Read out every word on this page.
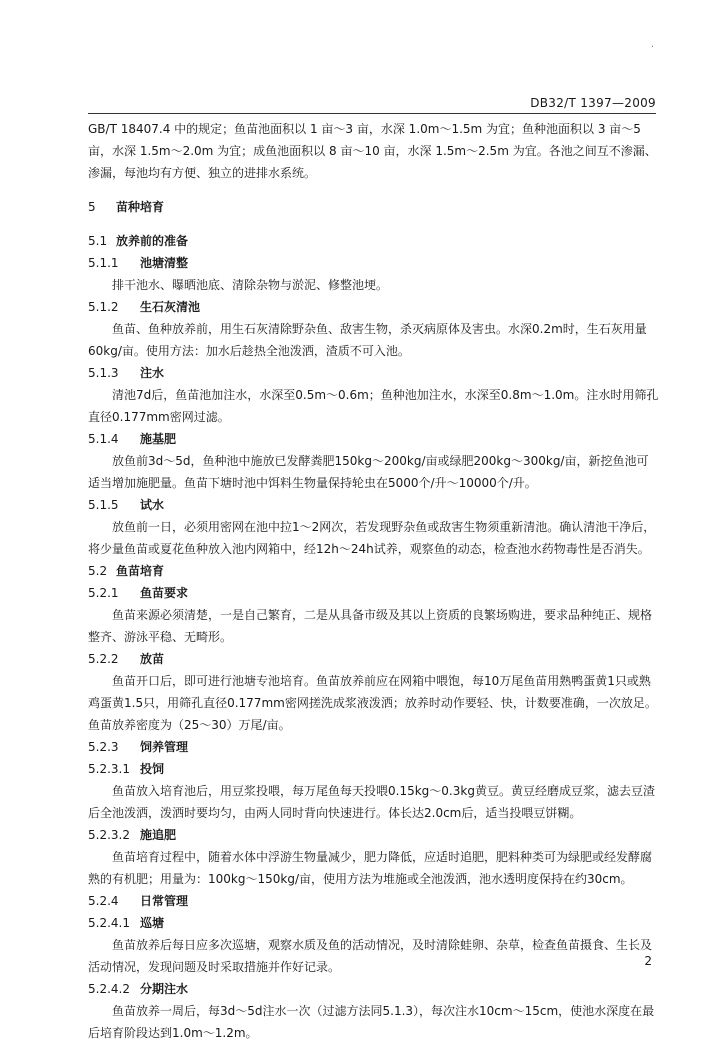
·
DB32/T 1397—2009

GB/T 18407.4 中的规定；鱼苗池面积以 1 亩～3 亩，水深 1.0m～1.5m 为宜；鱼种池面积以 3 亩～5 亩，水深 1.5m～2.0m 为宜；成鱼池面积以 8 亩～10 亩，水深 1.5m～2.5m 为宜。各池之间互不渗漏、渗漏，每池均有方便、独立的进排水系统。

5 苗种培育
5.1 放养前的准备
5.1.1 池塘清整

排干池水、曝晒池底、清除杂物与淤泥、修整池埂。

5.1.2 生石灰清池

鱼苗、鱼种放养前，用生石灰清除野杂鱼、敌害生物，杀灭病原体及害虫。水深0.2m时，生石灰用量60kg/亩。使用方法：加水后趁热全池泼洒，渣质不可入池。

5.1.3 注水

清池7d后，鱼苗池加注水，水深至0.5m～0.6m；鱼种池加注水，水深至0.8m～1.0m。注水时用筛孔直径0.177mm密网过滤。

5.1.4 施基肥

放鱼前3d～5d，鱼种池中施放已发酵粪肥150kg～200kg/亩或绿肥200kg～300kg/亩，新挖鱼池可适当增加施肥量。鱼苗下塘时池中饵料生物量保持轮虫在5000个/升～10000个/升。

5.1.5 试水

放鱼前一日，必须用密网在池中拉1～2网次，若发现野杂鱼或敌害生物须重新清池。确认清池干净后，将少量鱼苗或夏花鱼种放入池内网箱中，经12h～24h试养，观察鱼的动态，检查池水药物毒性是否消失。

5.2 鱼苗培育
5.2.1 鱼苗要求

鱼苗来源必须清楚，一是自己繁育，二是从具备市级及其以上资质的良繁场购进，要求品种纯正、规格整齐、游泳平稳、无畸形。

5.2.2 放苗

鱼苗开口后，即可进行池塘专池培育。鱼苗放养前应在网箱中喂饱，每10万尾鱼苗用熟鸭蛋黄1只或熟鸡蛋黄1.5只，用筛孔直径0.177mm密网搓洗成浆液泼洒；放养时动作要轻、快，计数要准确，一次放足。鱼苗放养密度为（25～30）万尾/亩。

5.2.3 饲养管理
5.2.3.1 投饲

鱼苗放入培育池后，用豆浆投喂，每万尾鱼每天投喂0.15kg～0.3kg黄豆。黄豆经磨成豆浆，滤去豆渣后全池泼洒，泼洒时要均匀，由两人同时背向快速进行。体长达2.0cm后，适当投喂豆饼糊。

5.2.3.2 施追肥

鱼苗培育过程中，随着水体中浮游生物量减少，肥力降低，应适时追肥，肥料种类可为绿肥或经发酵腐熟的有机肥；用量为：100kg～150kg/亩，使用方法为堆施或全池泼洒，池水透明度保持在约30cm。

5.2.4 日常管理
5.2.4.1 巡塘

鱼苗放养后每日应多次巡塘，观察水质及鱼的活动情况，及时清除蛙卵、杂草，检查鱼苗摄食、生长及活动情况，发现问题及时采取措施并作好记录。

5.2.4.2 分期注水

鱼苗放养一周后，每3d～5d注水一次（过滤方法同5.1.3），每次注水10cm～15cm，使池水深度在最后培育阶段达到1.0m～1.2m。

2
